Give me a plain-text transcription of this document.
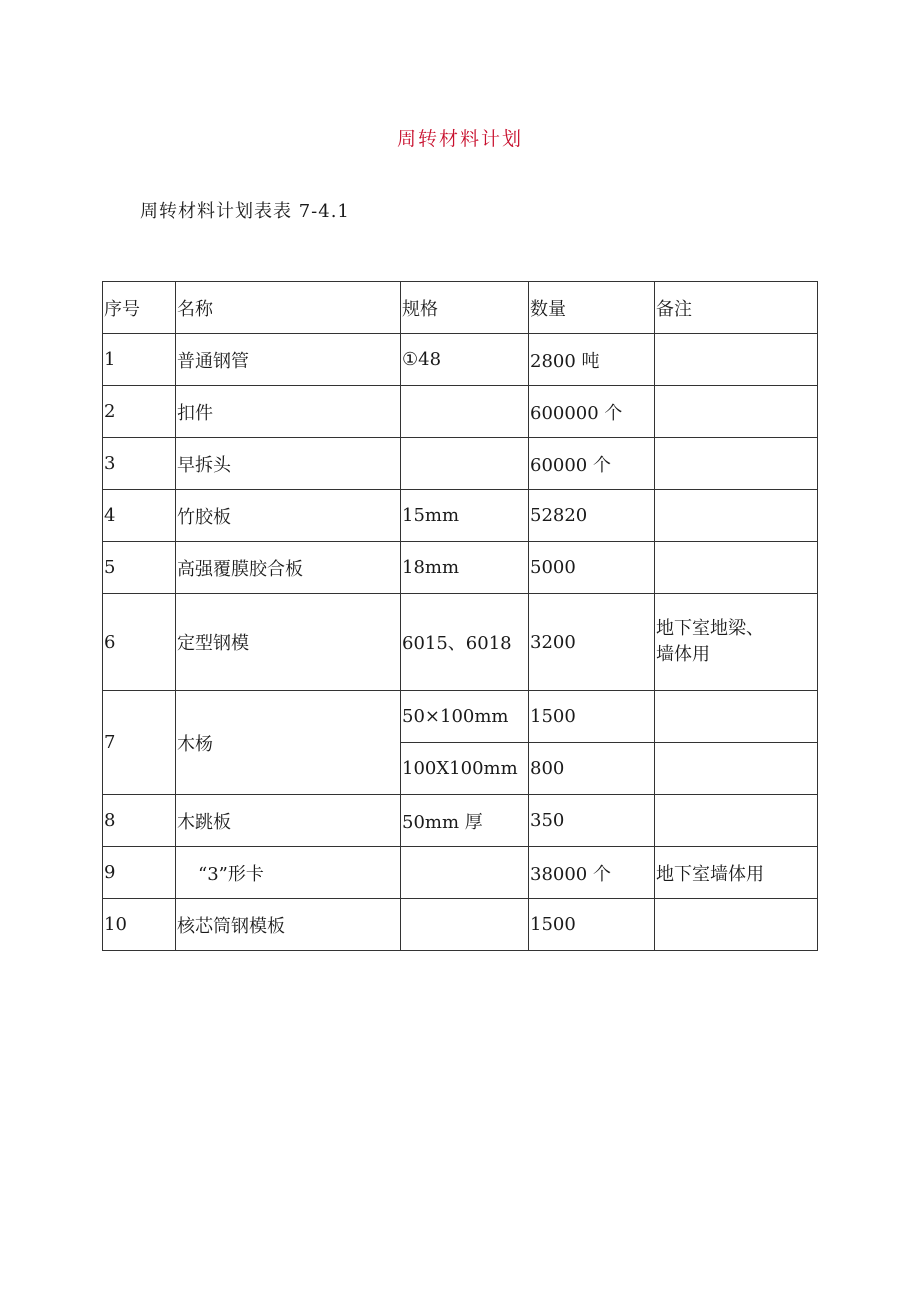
周转材料计划
周转材料计划表表 7-4.1
序号	名称	规格	数量	备注
1	普通钢管	①48	2800 吨	
2	扣件		600000 个	
3	早拆头		60000 个	
4	竹胶板	15mm	52820	
5	高强覆膜胶合板	18mm	5000	
6	定型钢模	6015、6018	3200	地下室地梁、
墙体用

7	木杨	50×100mm	1500	
		100X100mm	800	
8	木跳板	50mm 厚	350	
9	“3”形卡		38000 个	地下室墙体用
10	核芯筒钢模板		1500	
